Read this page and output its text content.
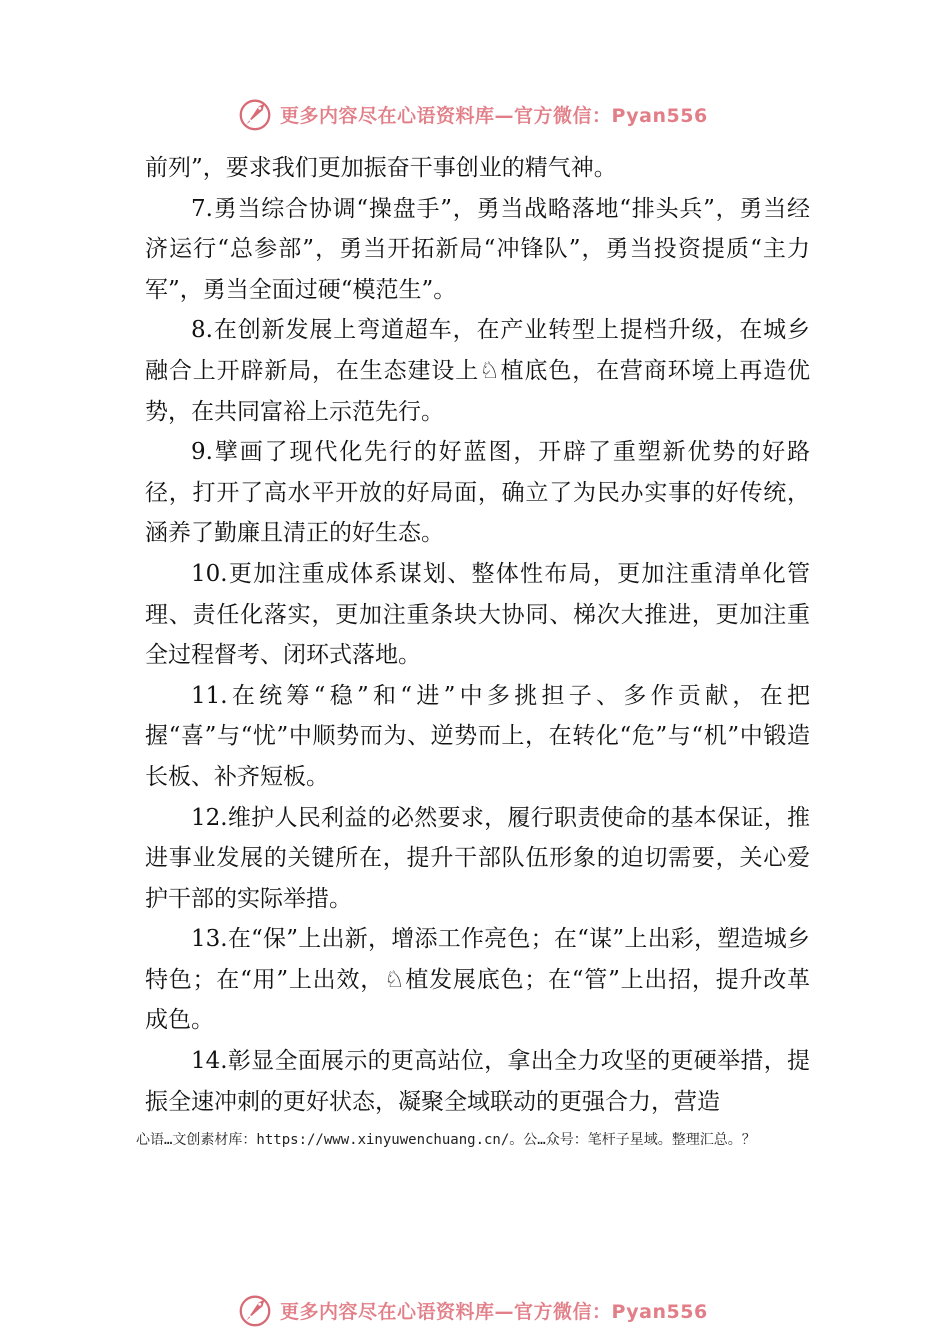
更多内容尽在心语资料库—官方微信：Pyan556

前列”，要求我们更加振奋干事创业的精气神。

7.勇当综合协调“操盘手”，勇当战略落地“排头兵”，勇当经济运行“总参部”，勇当开拓新局“冲锋队”，勇当投资提质“主力军”，勇当全面过硬“模范生”。

8.在创新发展上弯道超车，在产业转型上提档升级，在城乡融合上开辟新局，在生态建设上♘植底色，在营商环境上再造优势，在共同富裕上示范先行。

9.擘画了现代化先行的好蓝图，开辟了重塑新优势的好路径，打开了高水平开放的好局面，确立了为民办实事的好传统，涵养了勤廉且清正的好生态。

10.更加注重成体系谋划、整体性布局，更加注重清单化管理、责任化落实，更加注重条块大协同、梯次大推进，更加注重全过程督考、闭环式落地。

11.在统筹“稳”和“进”中多挑担子、多作贡献，在把握“喜”与“忧”中顺势而为、逆势而上，在转化“危”与“机”中锻造长板、补齐短板。

12.维护人民利益的必然要求，履行职责使命的基本保证，推进事业发展的关键所在，提升干部队伍形象的迫切需要，关心爱护干部的实际举措。

13.在“保”上出新，增添工作亮色；在“谋”上出彩，塑造城乡特色；在“用”上出效，♘植发展底色；在“管”上出招，提升改革成色。

14.彰显全面展示的更高站位，拿出全力攻坚的更硬举措，提振全速冲刺的更好状态，凝聚全域联动的更强合力，营造

心语…文创素材库：https://www.xinyuwenchuang.cn/。公…众号：笔杆子星域。整理汇总。？
更多内容尽在心语资料库—官方微信：Pyan556
